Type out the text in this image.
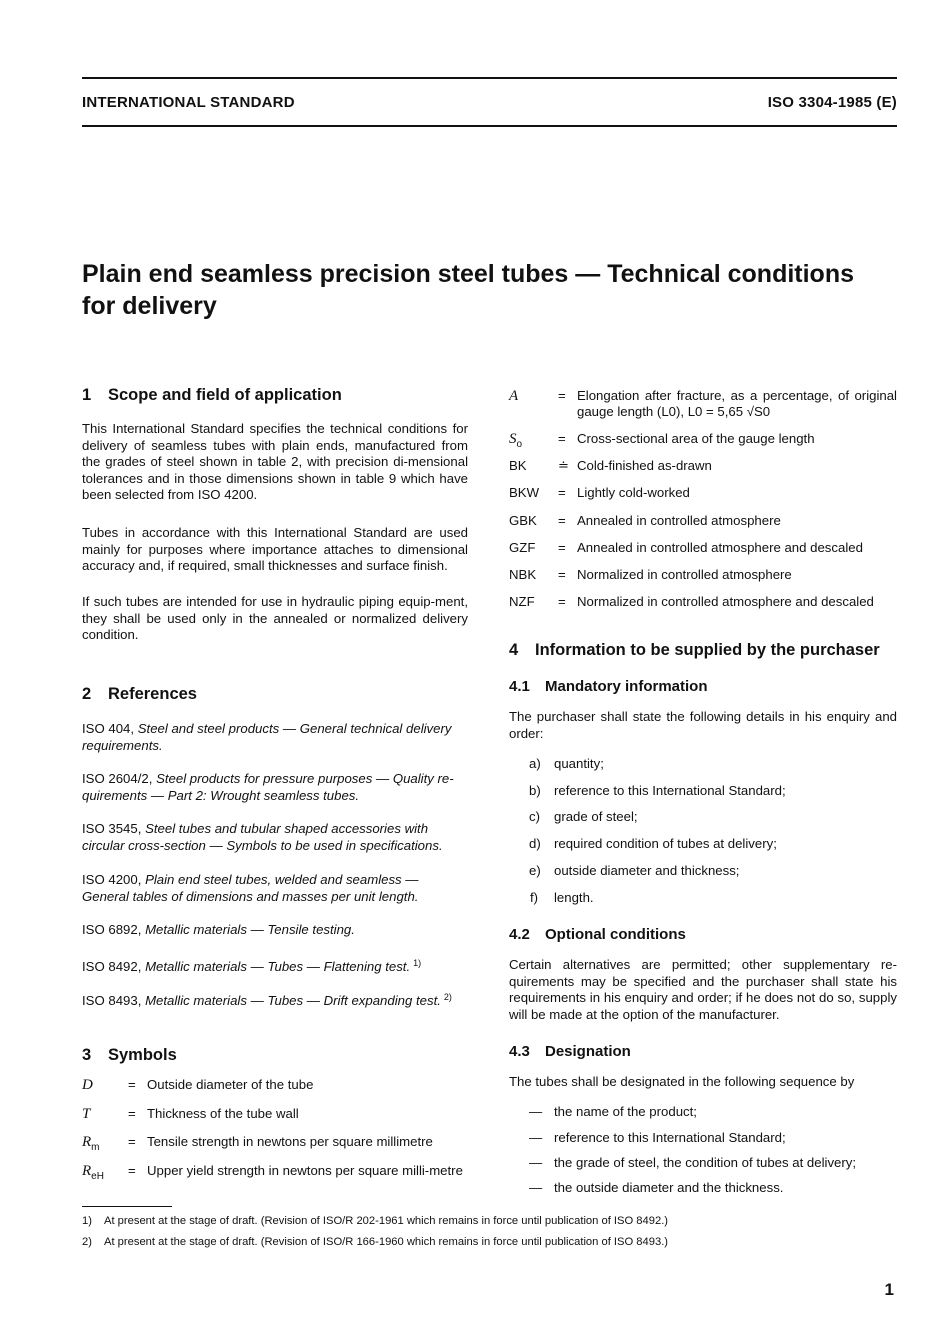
INTERNATIONAL STANDARD	ISO 3304-1985 (E)
Plain end seamless precision steel tubes — Technical conditions for delivery
1 Scope and field of application
This International Standard specifies the technical conditions for delivery of seamless tubes with plain ends, manufactured from the grades of steel shown in table 2, with precision di-mensional tolerances and in those dimensions shown in table 9 which have been selected from ISO 4200.
Tubes in accordance with this International Standard are used mainly for purposes where importance attaches to dimensional accuracy and, if required, small thicknesses and surface finish.
If such tubes are intended for use in hydraulic piping equip-ment, they shall be used only in the annealed or normalized delivery condition.
2 References
ISO 404, Steel and steel products — General technical delivery requirements.
ISO 2604/2, Steel products for pressure purposes — Quality re-quirements — Part 2: Wrought seamless tubes.
ISO 3545, Steel tubes and tubular shaped accessories with circular cross-section — Symbols to be used in specifications.
ISO 4200, Plain end steel tubes, welded and seamless — General tables of dimensions and masses per unit length.
ISO 6892, Metallic materials — Tensile testing.
ISO 8492, Metallic materials — Tubes — Flattening test. $^{1)}$
ISO 8493, Metallic materials — Tubes — Drift expanding test. $^{2)}$
3 Symbols
D	= Outside diameter of the tube
T	= Thickness of the tube wall
$R_m$ = Tensile strength in newtons per square millimetre
$R_{eH}$ = Upper yield strength in newtons per square milli-metre
A	= Elongation after fracture, as a percentage, of original gauge length (L0), L0 = 5,65 √S0
$S_o$	= Cross-sectional area of the gauge length
BK ≐ Cold-finished as-drawn
BKW = Lightly cold-worked
GBK = Annealed in controlled atmosphere
GZF = Annealed in controlled atmosphere and descaled
NBK = Normalized in controlled atmosphere
NZF = Normalized in controlled atmosphere and descaled
4 Information to be supplied by the purchaser
4.1 Mandatory information
The purchaser shall state the following details in his enquiry and order:
a) quantity;
b) reference to this International Standard;
c) grade of steel;
d) required condition of tubes at delivery;
e) outside diameter and thickness;
f) length.
4.2 Optional conditions
Certain alternatives are permitted; other supplementary re-quirements may be specified and the purchaser shall state his requirements in his enquiry and order; if he does not do so, supply will be made at the option of the manufacturer.
4.3 Designation
The tubes shall be designated in the following sequence by
— the name of the product;
— reference to this International Standard;
— the grade of steel, the condition of tubes at delivery;
— the outside diameter and the thickness.
1) At present at the stage of draft. (Revision of ISO/R 202-1961 which remains in force until publication of ISO 8492.)
2) At present at the stage of draft. (Revision of ISO/R 166-1960 which remains in force until publication of ISO 8493.)
1
